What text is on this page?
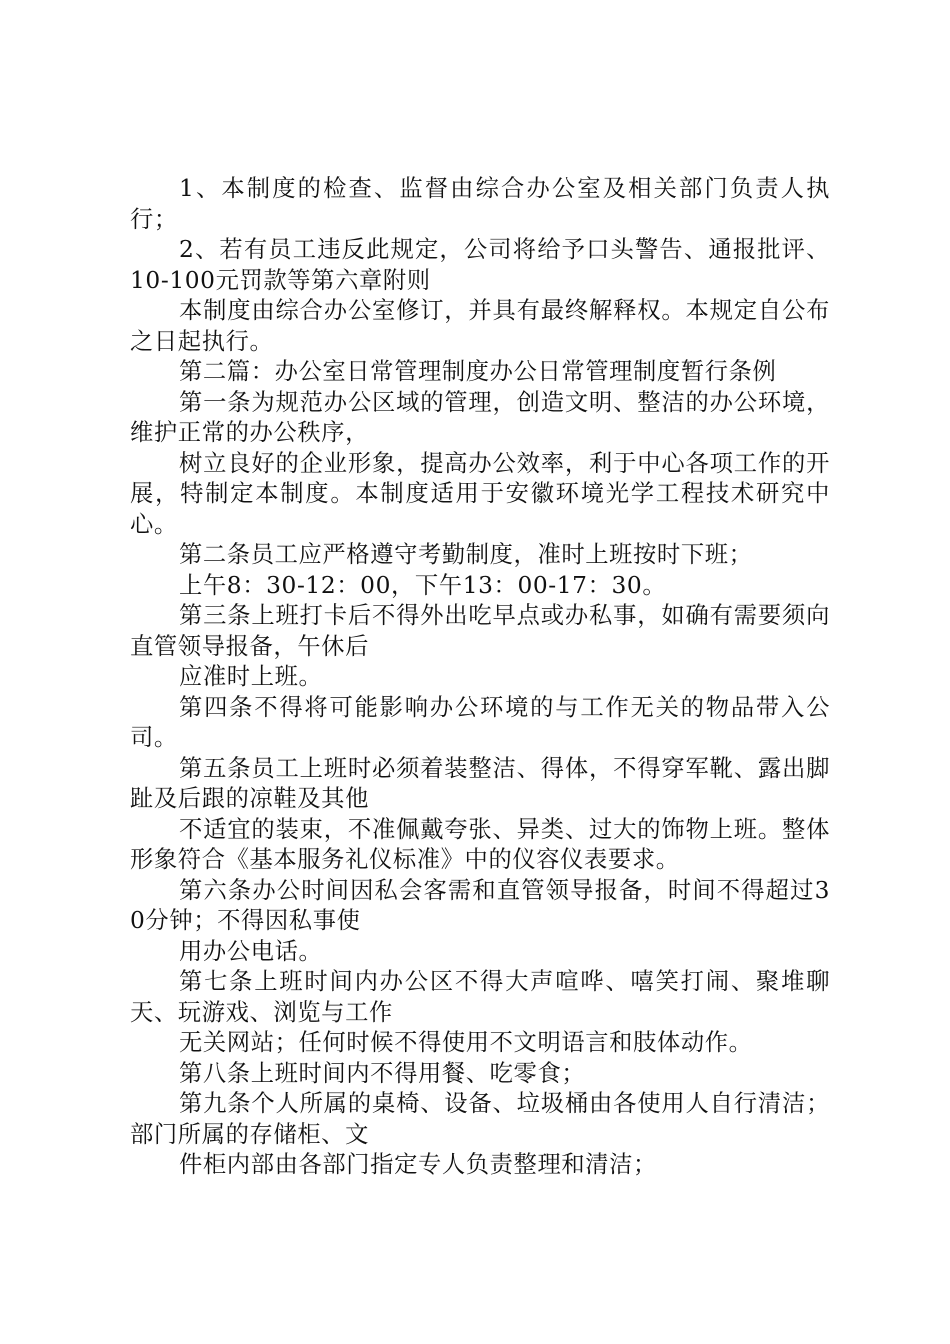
1、本制度的检查、监督由综合办公室及相关部门负责人执行；

2、若有员工违反此规定，公司将给予口头警告、通报批评、10-100元罚款等第六章附则

本制度由综合办公室修订，并具有最终解释权。本规定自公布之日起执行。

第二篇：办公室日常管理制度办公日常管理制度暂行条例

第一条为规范办公区域的管理，创造文明、整洁的办公环境，维护正常的办公秩序，

树立良好的企业形象，提高办公效率，利于中心各项工作的开展，特制定本制度。本制度适用于安徽环境光学工程技术研究中心。

第二条员工应严格遵守考勤制度，准时上班按时下班；

上午8：30-12：00，下午13：00-17：30。

第三条上班打卡后不得外出吃早点或办私事，如确有需要须向直管领导报备，午休后

应准时上班。

第四条不得将可能影响办公环境的与工作无关的物品带入公司。

第五条员工上班时必须着装整洁、得体，不得穿军靴、露出脚趾及后跟的凉鞋及其他

不适宜的装束，不准佩戴夸张、异类、过大的饰物上班。整体形象符合《基本服务礼仪标准》中的仪容仪表要求。

第六条办公时间因私会客需和直管领导报备，时间不得超过30分钟；不得因私事使

用办公电话。

第七条上班时间内办公区不得大声喧哗、嘻笑打闹、聚堆聊天、玩游戏、浏览与工作

无关网站；任何时候不得使用不文明语言和肢体动作。

第八条上班时间内不得用餐、吃零食；

第九条个人所属的桌椅、设备、垃圾桶由各使用人自行清洁；部门所属的存储柜、文

件柜内部由各部门指定专人负责整理和清洁；
